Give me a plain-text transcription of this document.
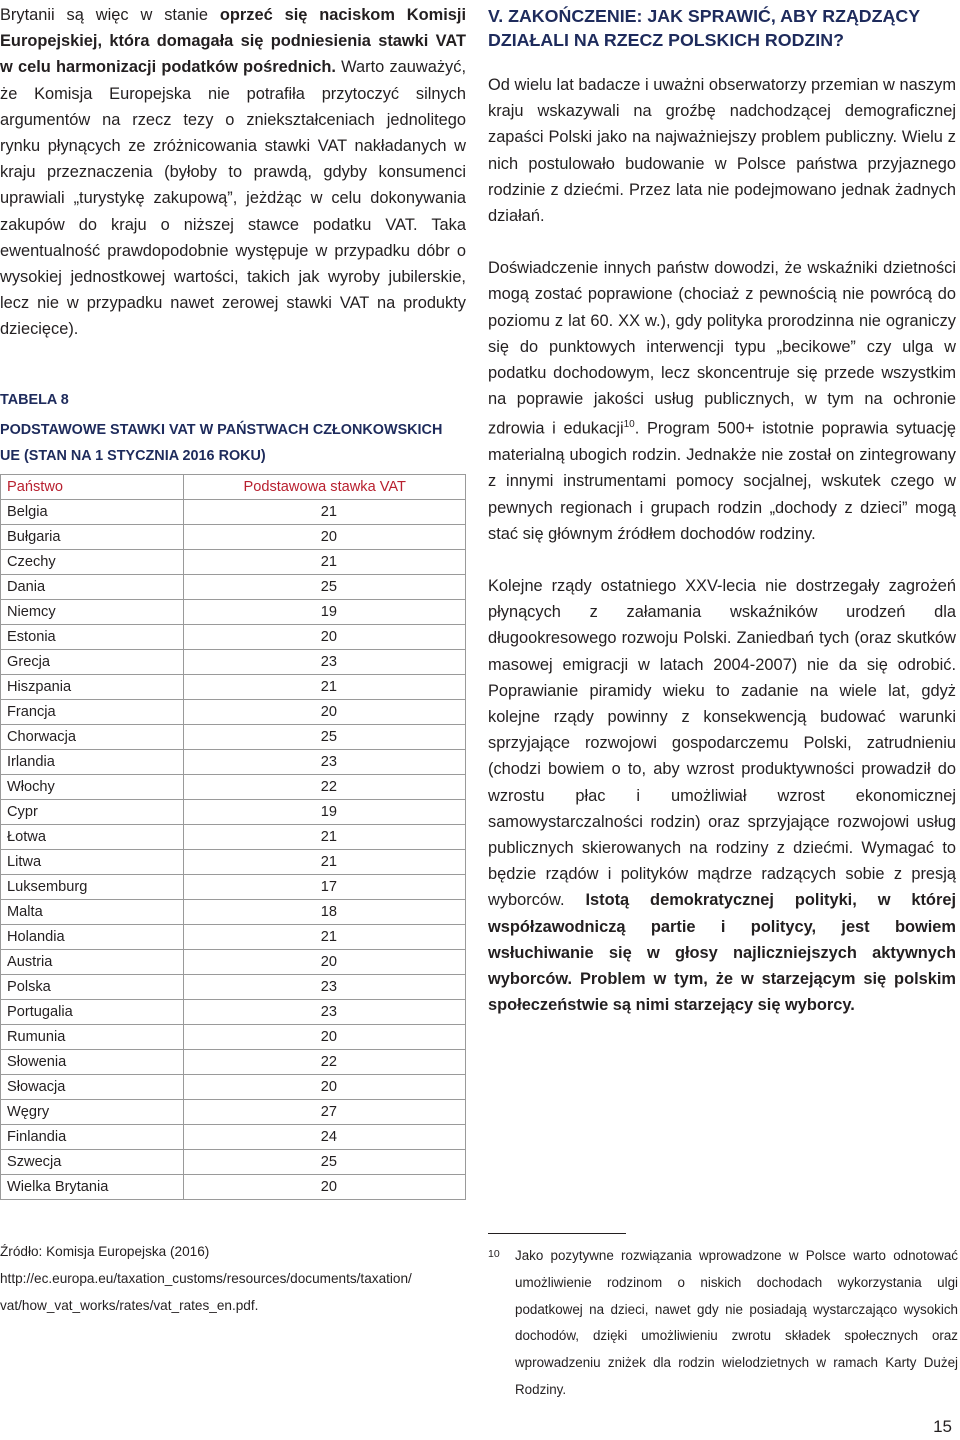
Brytanii są więc w stanie oprzeć się naciskom Komisji Europejskiej, która domagała się podniesienia stawki VAT w celu harmonizacji podatków pośrednich. Warto zauważyć, że Komisja Europejska nie potrafiła przytoczyć silnych argumentów na rzecz tezy o zniekształceniach jednolitego rynku płynących ze zróżnicowania stawki VAT nakładanych w kraju przeznaczenia (byłoby to prawdą, gdyby konsumenci uprawiali „turystykę zakupową”, jeżdżąc w celu dokonywania zakupów do kraju o niższej stawce podatku VAT. Taka ewentualność prawdopodobnie występuje w przypadku dóbr o wysokiej jednostkowej wartości, takich jak wyroby jubilerskie, lecz nie w przypadku nawet zerowej stawki VAT na produkty dziecięce).

TABELA 8
PODSTAWOWE STAWKI VAT W PAŃSTWACH CZŁONKOWSKICH UE (STAN NA 1 STYCZNIA 2016 ROKU)
Państwo	Podstawowa stawka VAT
Belgia	21
Bułgaria	20
Czechy	21
Dania	25
Niemcy	19
Estonia	20
Grecja	23
Hiszpania	21
Francja	20
Chorwacja	25
Irlandia	23
Włochy	22
Cypr	19
Łotwa	21
Litwa	21
Luksemburg	17
Malta	18
Holandia	21
Austria	20
Polska	23
Portugalia	23
Rumunia	20
Słowenia	22
Słowacja	20
Węgry	27
Finlandia	24
Szwecja	25
Wielka Brytania	20
Źródło: Komisja Europejska (2016)
http://ec.europa.eu/taxation_customs/resources/documents/taxation/
vat/how_vat_works/rates/vat_rates_en.pdf.
V. ZAKOŃCZENIE: JAK SPRAWIĆ, ABY RZĄDZĄCY DZIAŁALI NA RZECZ POLSKICH RODZIN?

Od wielu lat badacze i uważni obserwatorzy przemian w naszym kraju wskazywali na groźbę nadchodzącej demograficznej zapaści Polski jako na najważniejszy problem publiczny. Wielu z nich postulowało budowanie w Polsce państwa przyjaznego rodzinie z dziećmi. Przez lata nie podejmowano jednak żadnych działań.

Doświadczenie innych państw dowodzi, że wskaźniki dzietności mogą zostać poprawione (chociaż z pewnością nie powrócą do poziomu z lat 60. XX w.), gdy polityka prorodzinna nie ograniczy się do punktowych interwencji typu „becikowe” czy ulga w podatku dochodowym, lecz skoncentruje się przede wszystkim na poprawie jakości usług publicznych, w tym na ochronie zdrowia i edukacji$^{10}$. Program 500+ istotnie poprawia sytuację materialną ubogich rodzin. Jednakże nie został on zintegrowany z innymi instrumentami pomocy socjalnej, wskutek czego w pewnych regionach i grupach rodzin „dochody z dzieci” mogą stać się głównym źródłem dochodów rodziny.

Kolejne rządy ostatniego XXV-lecia nie dostrzegały zagrożeń płynących z załamania wskaźników urodzeń dla długookresowego rozwoju Polski. Zaniedbań tych (oraz skutków masowej emigracji w latach 2004-2007) nie da się odrobić. Poprawianie piramidy wieku to zadanie na wiele lat, gdyż kolejne rządy powinny z konsekwencją budować warunki sprzyjające rozwojowi gospodarczemu Polski, zatrudnieniu (chodzi bowiem o to, aby wzrost produktywności prowadził do wzrostu płac i umożliwiał wzrost ekonomicznej samowystarczalności rodzin) oraz sprzyjające rozwojowi usług publicznych skierowanych na rodziny z dziećmi. Wymagać to będzie rządów i polityków mądrze radzących sobie z presją wyborców. Istotą demokratycznej polityki, w której współzawodniczą partie i politycy, jest bowiem wsłuchiwanie się w głosy najliczniejszych aktywnych wyborców. Problem w tym, że w starzejącym się polskim społeczeństwie są nimi starzejący się wyborcy.

10 Jako pozytywne rozwiązania wprowadzone w Polsce warto odnotować umożliwienie rodzinom o niskich dochodach wykorzystania ulgi podatkowej na dzieci, nawet gdy nie posiadają wystarczająco wysokich dochodów, dzięki umożliwieniu zwrotu składek społecznych oraz wprowadzeniu zniżek dla rodzin wielodzietnych w ramach Karty Dużej Rodziny.
15
